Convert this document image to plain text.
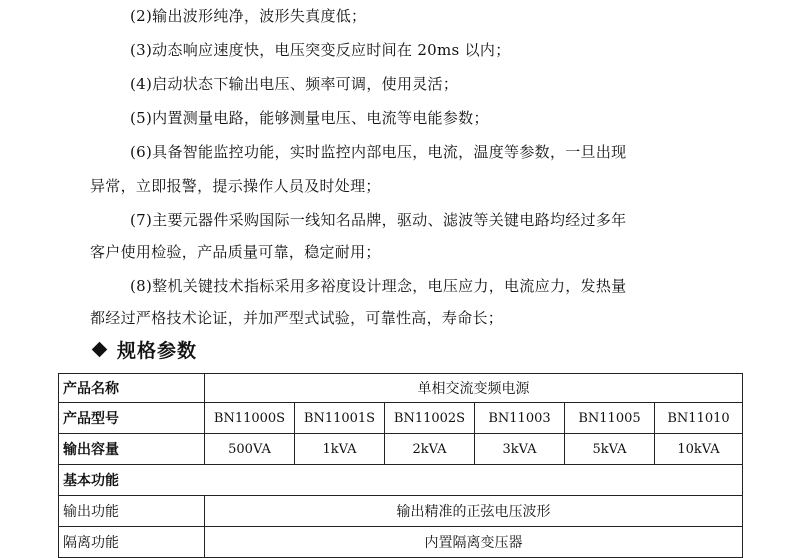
(2)输出波形纯净，波形失真度低；

(3)动态响应速度快，电压突变反应时间在 20ms 以内；

(4)启动状态下输出电压、频率可调，使用灵活；

(5)内置测量电路，能够测量电压、电流等电能参数；

(6)具备智能监控功能，实时监控内部电压，电流，温度等参数，一旦出现

异常，立即报警，提示操作人员及时处理；

(7)主要元器件采购国际一线知名品牌，驱动、滤波等关键电路均经过多年

客户使用检验，产品质量可靠，稳定耐用；

(8)整机关键技术指标采用多裕度设计理念，电压应力，电流应力，发热量

都经过严格技术论证，并加严型式试验，可靠性高，寿命长；

规格参数
产品名称	单相交流变频电源					
产品型号	BN11000S	BN11001S	BN11002S	BN11003	BN11005	BN11010
输出容量	500VA	1kVA	2kVA	3kVA	5kVA	10kVA
基本功能						
输出功能	输出精准的正弦电压波形					
隔离功能	内置隔离变压器					
